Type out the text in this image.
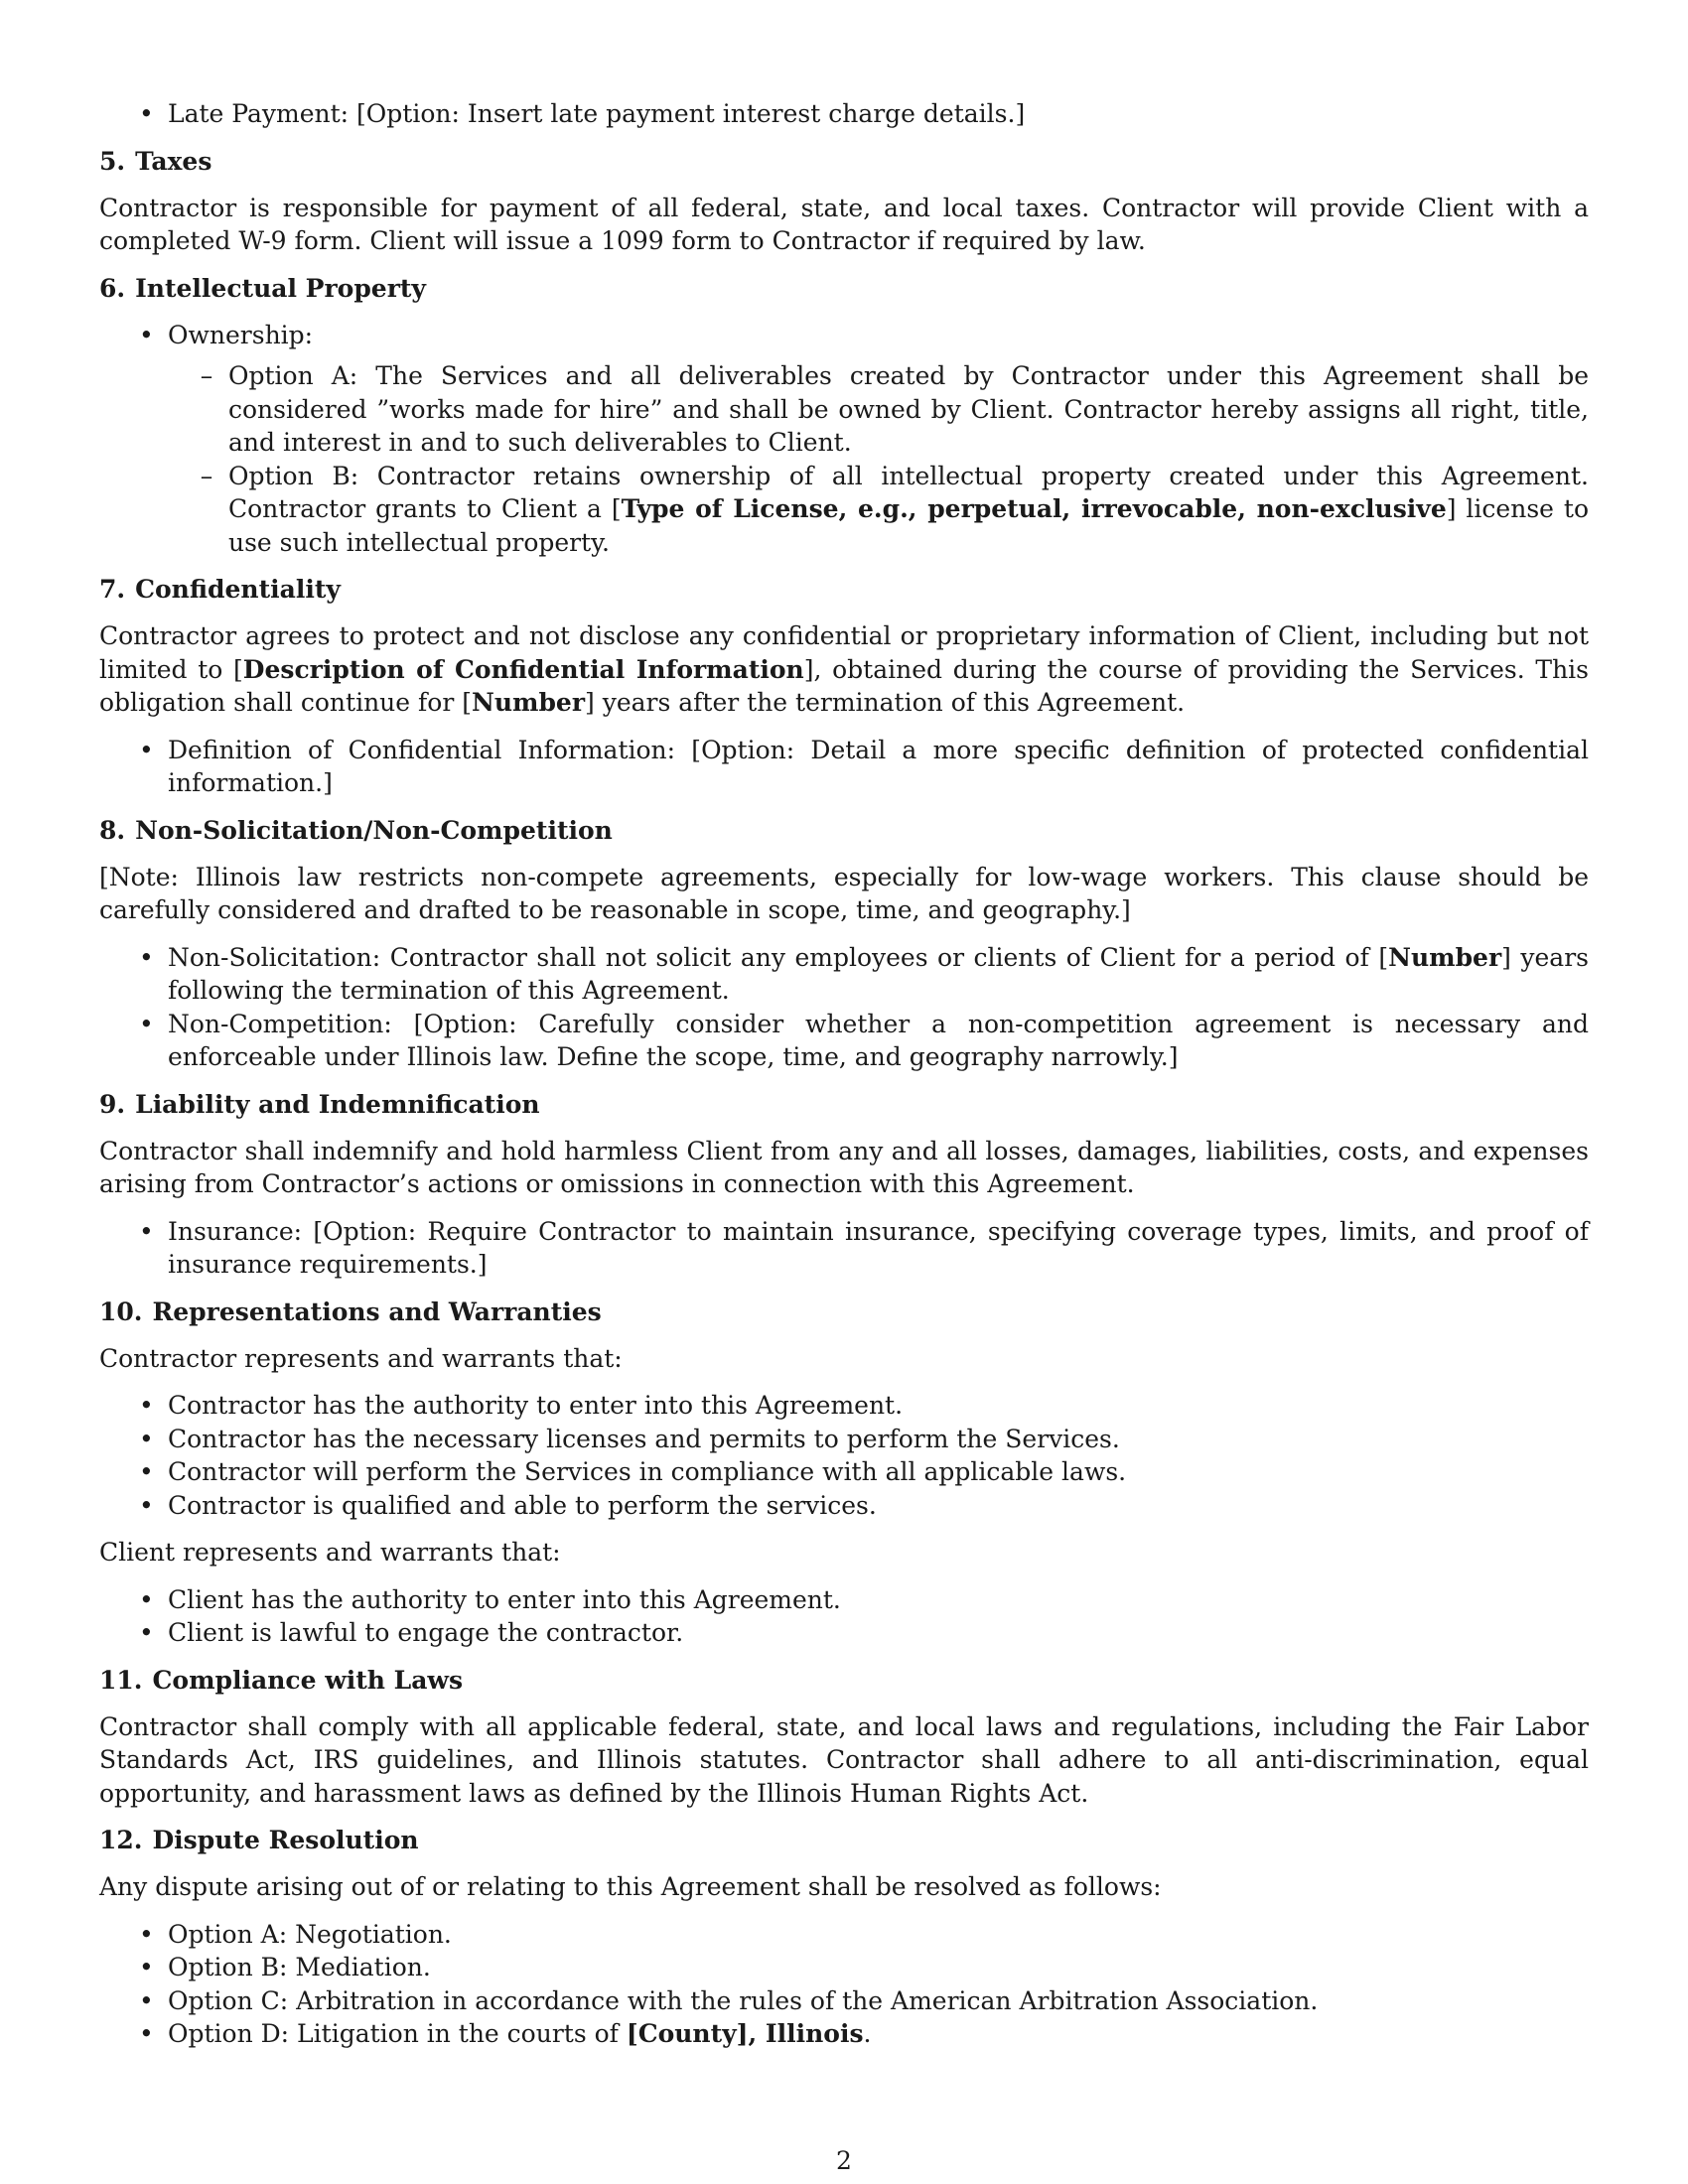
• Late Payment: [Option: Insert late payment interest charge details.]
5. Taxes

Contractor is responsible for payment of all federal, state, and local taxes. Contractor will provide Client with a completed W-9 form. Client will issue a 1099 form to Contractor if required by law.

6. Intellectual Property
• Ownership:
– Option A: The Services and all deliverables created by Contractor under this Agreement shall be considered ”works made for hire” and shall be owned by Client. Contractor hereby assigns all right, title, and interest in and to such deliverables to Client.
– Option B: Contractor retains ownership of all intellectual property created under this Agreement. Contractor grants to Client a [Type of License, e.g., perpetual, irrevocable, non-exclusive] license to use such intellectual property.
7. Confidentiality

Contractor agrees to protect and not disclose any confidential or proprietary information of Client, including but not limited to [Description of Confidential Information], obtained during the course of providing the Services. This obligation shall continue for [Number] years after the termination of this Agreement.

• Definition of Confidential Information: [Option: Detail a more specific definition of protected confidential information.]
8. Non-Solicitation/Non-Competition

[Note: Illinois law restricts non-compete agreements, especially for low-wage workers. This clause should be carefully considered and drafted to be reasonable in scope, time, and geography.]

• Non-Solicitation: Contractor shall not solicit any employees or clients of Client for a period of [Number] years following the termination of this Agreement.
• Non-Competition: [Option: Carefully consider whether a non-competition agreement is necessary and enforceable under Illinois law. Define the scope, time, and geography narrowly.]
9. Liability and Indemnification

Contractor shall indemnify and hold harmless Client from any and all losses, damages, liabilities, costs, and expenses arising from Contractor’s actions or omissions in connection with this Agreement.

• Insurance: [Option: Require Contractor to maintain insurance, specifying coverage types, limits, and proof of insurance requirements.]
10. Representations and Warranties

Contractor represents and warrants that:

• Contractor has the authority to enter into this Agreement.
• Contractor has the necessary licenses and permits to perform the Services.
• Contractor will perform the Services in compliance with all applicable laws.
• Contractor is qualified and able to perform the services.

Client represents and warrants that:

• Client has the authority to enter into this Agreement.
• Client is lawful to engage the contractor.
11. Compliance with Laws

Contractor shall comply with all applicable federal, state, and local laws and regulations, including the Fair Labor Standards Act, IRS guidelines, and Illinois statutes. Contractor shall adhere to all anti-discrimination, equal opportunity, and harassment laws as defined by the Illinois Human Rights Act.

12. Dispute Resolution

Any dispute arising out of or relating to this Agreement shall be resolved as follows:

• Option A: Negotiation.
• Option B: Mediation.
• Option C: Arbitration in accordance with the rules of the American Arbitration Association.
• Option D: Litigation in the courts of [County], Illinois.
2
